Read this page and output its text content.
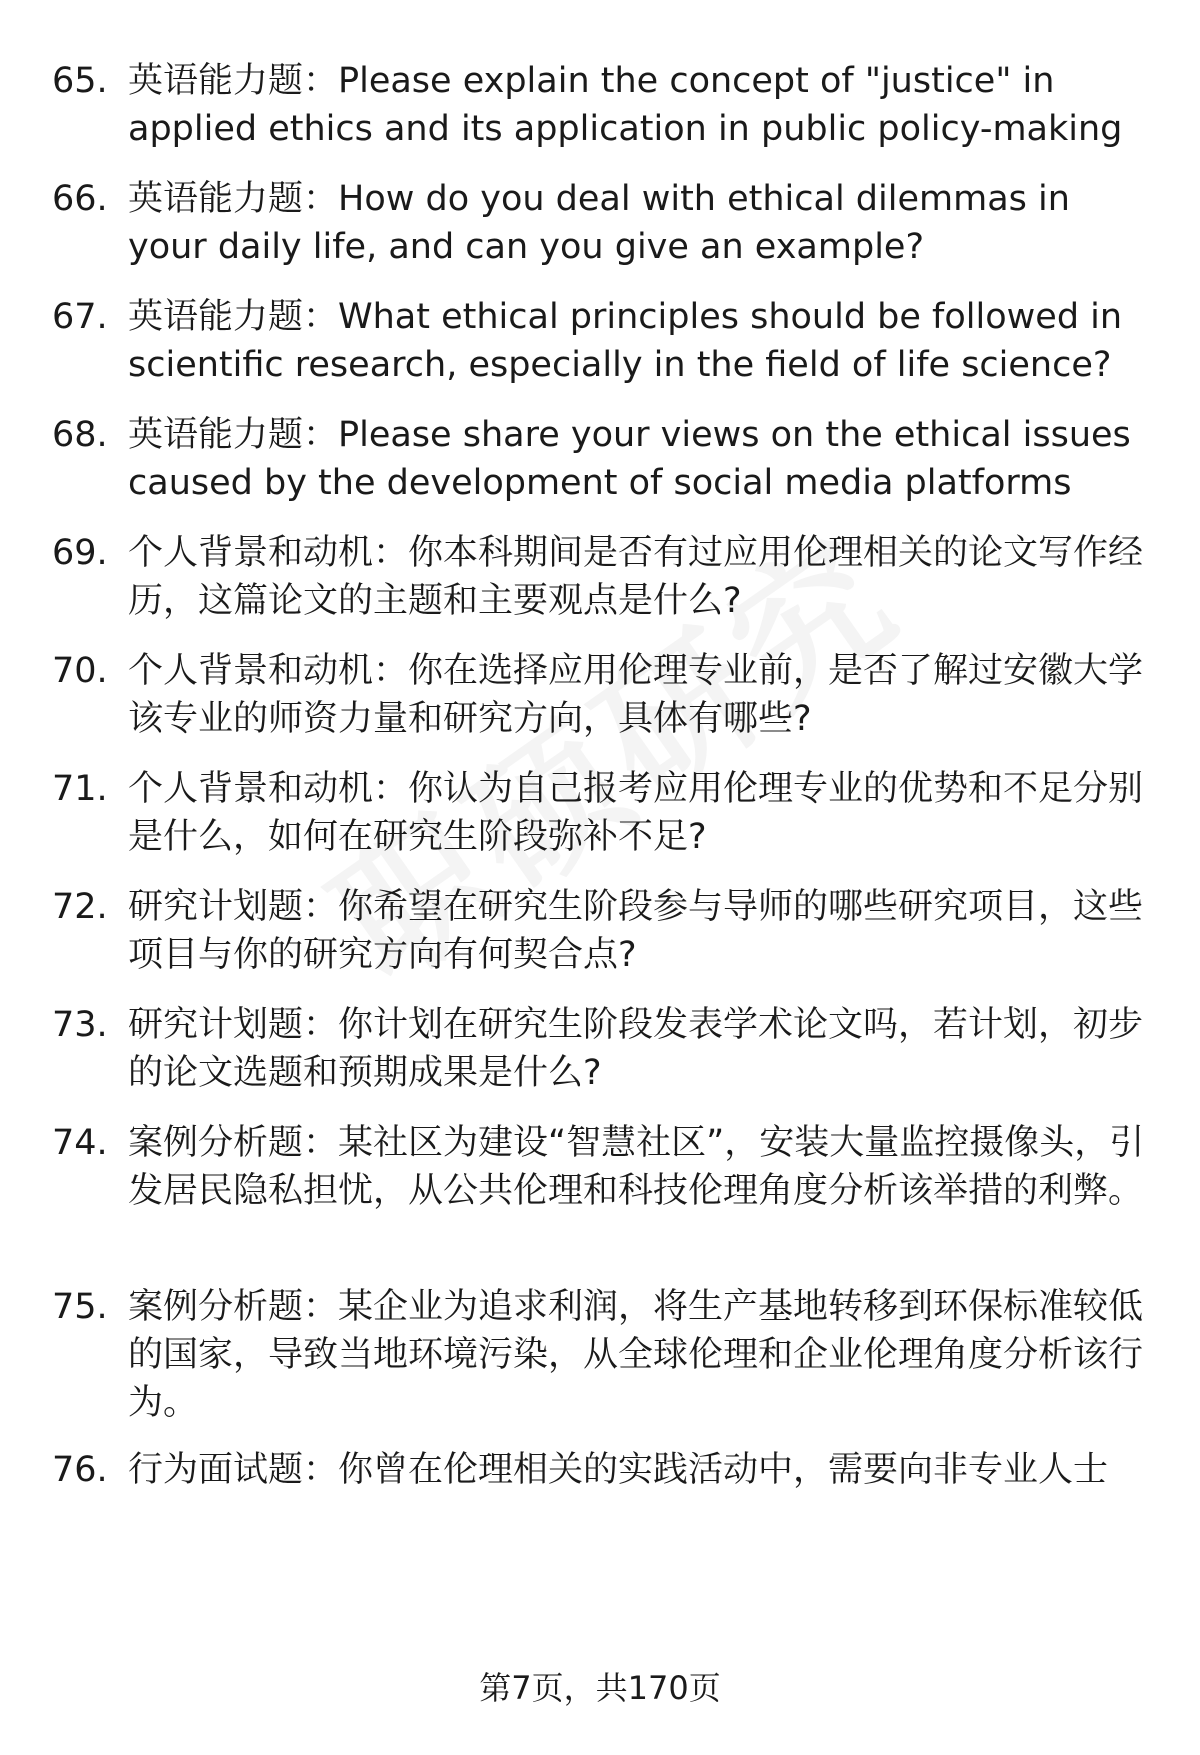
65. 英语能力题：Please explain the concept of "justice" in applied ethics and its application in public policy-making
66. 英语能力题：How do you deal with ethical dilemmas in your daily life, and can you give an example?
67. 英语能力题：What ethical principles should be followed in scientific research, especially in the field of life science?
68. 英语能力题：Please share your views on the ethical issues caused by the development of social media platforms
69. 个人背景和动机：你本科期间是否有过应用伦理相关的论文写作经历，这篇论文的主题和主要观点是什么?
70. 个人背景和动机：你在选择应用伦理专业前，是否了解过安徽大学该专业的师资力量和研究方向，具体有哪些?
71. 个人背景和动机：你认为自己报考应用伦理专业的优势和不足分别是什么，如何在研究生阶段弥补不足?
72. 研究计划题：你希望在研究生阶段参与导师的哪些研究项目，这些项目与你的研究方向有何契合点?
73. 研究计划题：你计划在研究生阶段发表学术论文吗，若计划，初步的论文选题和预期成果是什么?
74. 案例分析题：某社区为建设“智慧社区”，安装大量监控摄像头，引发居民隐私担忧，从公共伦理和科技伦理角度分析该举措的利弊。
75. 案例分析题：某企业为追求利润，将生产基地转移到环保标准较低的国家，导致当地环境污染，从全球伦理和企业伦理角度分析该行为。
76. 行为面试题：你曾在伦理相关的实践活动中，需要向非专业人士
第7页，共170页
